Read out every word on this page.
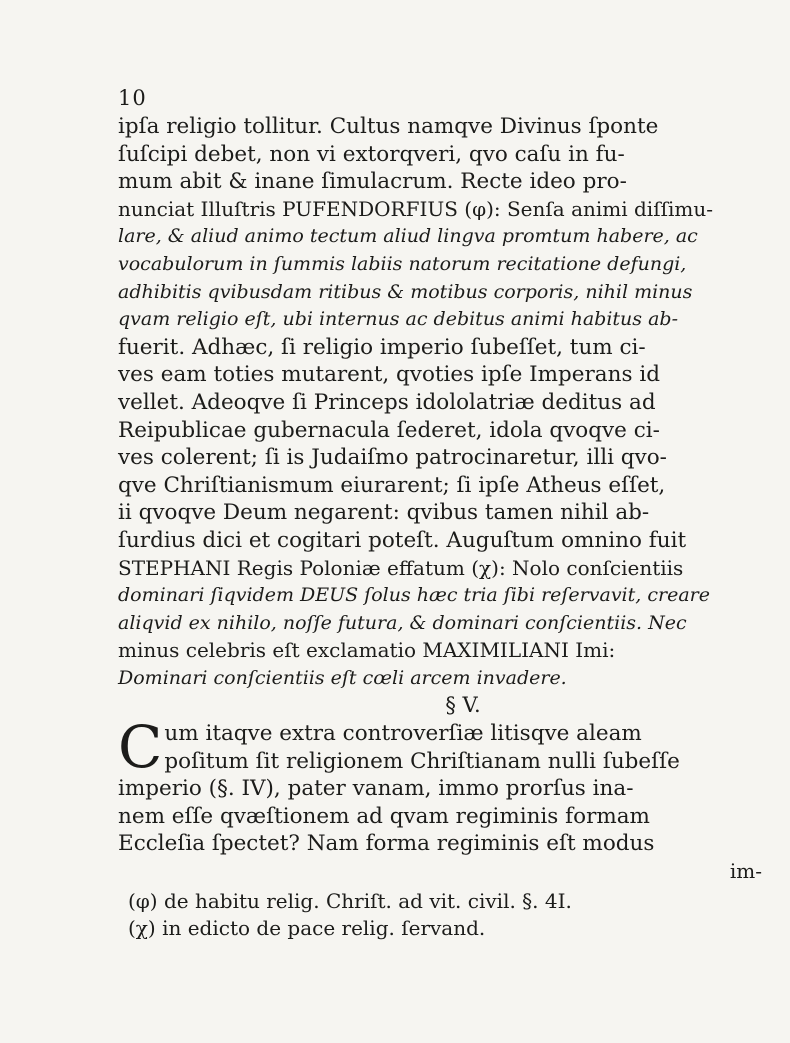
10
ipſa religio tollitur. Cultus namqve Divinus ſponte
ſuſcipi debet, non vi extorqveri, qvo caſu in fu-
mum abit & inane ſimulacrum. Recte ideo pro-
nunciat Illuſtris PUFENDORFIUS (φ): Senſa animi diſſimu-
lare, & aliud animo tectum aliud lingva promtum habere, ac
vocabulorum in ſummis labiis natorum recitatione defungi,
adhibitis qvibusdam ritibus & motibus corporis, nihil minus
qvam religio eſt, ubi internus ac debitus animi habitus ab-
fuerit. Adhæc, ſi religio imperio ſubeſſet, tum ci-
ves eam toties mutarent, qvoties ipſe Imperans id
vellet. Adeoqve ſi Princeps idololatriæ deditus ad
Reipublicae gubernacula ſederet, idola qvoqve ci-
ves colerent; ſi is Judaiſmo patrocinaretur, illi qvo-
qve Chriſtianismum eiurarent; ſi ipſe Atheus eſſet,
ii qvoqve Deum negarent: qvibus tamen nihil ab-
ſurdius dici et cogitari poteſt. Auguſtum omnino fuit
STEPHANI Regis Poloniæ effatum (χ): Nolo conſcientiis
dominari ſiqvidem DEUS ſolus hæc tria ſibi reſervavit, creare
aliqvid ex nihilo, noſſe futura, & dominari conſcientiis. Nec
minus celebris eſt exclamatio MAXIMILIANI Imi:
Dominari conſcientiis eſt cœli arcem invadere.
§ V.
C um itaqve extra controverſiæ litisqve aleam
poſitum ſit religionem Chriſtianam nulli ſubeſſe
imperio (§. IV), pater vanam, immo prorſus ina-
nem eſſe qvæſtionem ad qvam regiminis formam
Eccleſia ſpectet? Nam forma regiminis eſt modus
im-
(φ) de habitu relig. Chriſt. ad vit. civil. §. 4I.
(χ) in edicto de pace relig. ſervand.
